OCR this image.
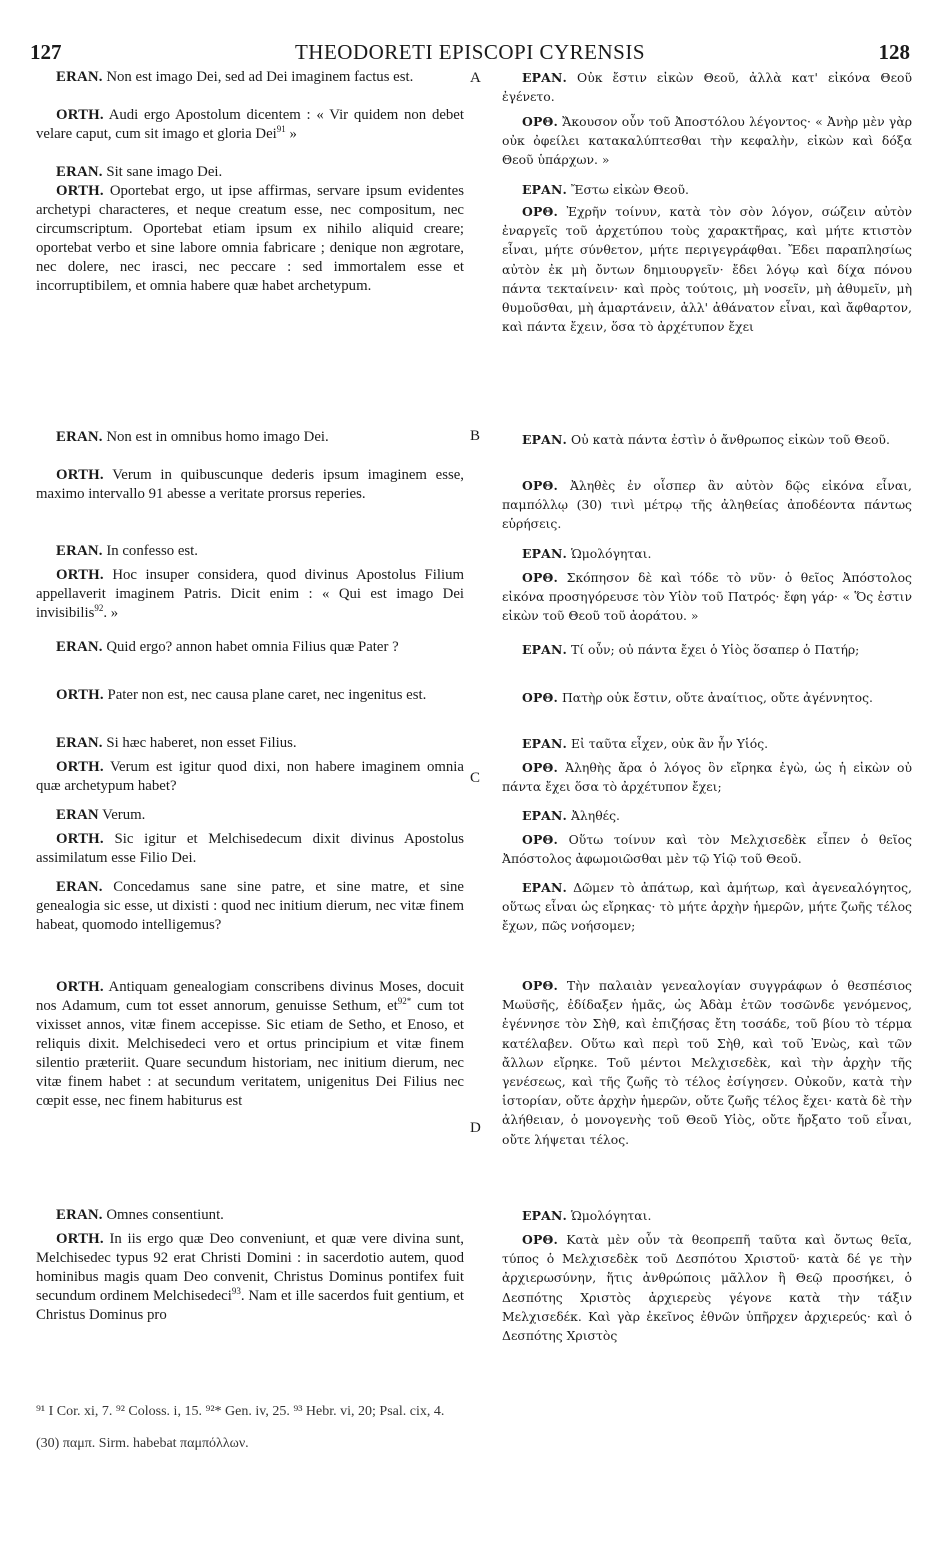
127	THEODORETI EPISCOPI CYRENSIS	128
A
B
C
D

ERAN. Non est imago Dei, sed ad Dei imaginem factus est.

ORTH. Audi ergo Apostolum dicentem : « Vir quidem non debet velare caput, cum sit imago et gloria Dei$^{91}$ »

ERAN. Sit sane imago Dei.

ORTH. Oportebat ergo, ut ipse affirmas, servare ipsum evidentes archetypi characteres, et neque creatum esse, nec compositum, nec circumscriptum. Oportebat etiam ipsum ex nihilo aliquid creare; oportebat verbo et sine labore omnia fabricare ; denique non ægrotare, nec dolere, nec irasci, nec peccare : sed immortalem esse et incorruptibilem, et omnia habere quæ habet archetypum.

ERAN. Non est in omnibus homo imago Dei.

ORTH. Verum in quibuscunque dederis ipsum imaginem esse, maximo intervallo 91 abesse a veritate prorsus reperies.

ERAN. In confesso est.

ORTH. Hoc insuper considera, quod divinus Apostolus Filium appellaverit imaginem Patris. Dicit enim : « Qui est imago Dei invisibilis$^{92}$. »

ERAN. Quid ergo? annon habet omnia Filius quæ Pater ?

ORTH. Pater non est, nec causa plane caret, nec ingenitus est.

ERAN. Si hæc haberet, non esset Filius.

ORTH. Verum est igitur quod dixi, non habere imaginem omnia quæ archetypum habet?

ERAN Verum.

ORTH. Sic igitur et Melchisedecum dixit divinus Apostolus assimilatum esse Filio Dei.

ERAN. Concedamus sane sine patre, et sine matre, et sine genealogia sic esse, ut dixisti : quod nec initium dierum, nec vitæ finem habeat, quomodo intelligemus?

ORTH. Antiquam genealogiam conscribens divinus Moses, docuit nos Adamum, cum tot esset annorum, genuisse Sethum, et$^{92*}$ cum tot vixisset annos, vitæ finem accepisse. Sic etiam de Setho, et Enoso, et reliquis dixit. Melchisedeci vero et ortus principium et vitæ finem silentio præteriit. Quare secundum historiam, nec initium dierum, nec vitæ finem habet : at secundum veritatem, unigenitus Dei Filius nec cœpit esse, nec finem habiturus est

ERAN. Omnes consentiunt.

ORTH. In iis ergo quæ Deo conveniunt, et quæ vere divina sunt, Melchisedec typus 92 erat Christi Domini : in sacerdotio autem, quod hominibus magis quam Deo convenit, Christus Dominus pontifex fuit secundum ordinem Melchisedeci$^{93}$. Nam et ille sacerdos fuit gentium, et Christus Dominus pro

ΕΡΑΝ. Οὐκ ἔστιν εἰκὼν Θεοῦ, ἀλλὰ κατ' εἰκόνα Θεοῦ ἐγένετο.

ΟΡΘ. Ἄκουσον οὖν τοῦ Ἀποστόλου λέγοντος· « Ἀνὴρ μὲν γὰρ οὐκ ὀφείλει κατακαλύπτεσθαι τὴν κεφαλὴν, εἰκὼν καὶ δόξα Θεοῦ ὑπάρχων. »

ΕΡΑΝ. Ἔστω εἰκὼν Θεοῦ.

ΟΡΘ. Ἐχρῆν τοίνυν, κατὰ τὸν σὸν λόγον, σώζειν αὐτὸν ἐναργεῖς τοῦ ἀρχετύπου τοὺς χαρακτῆρας, καὶ μήτε κτιστὸν εἶναι, μήτε σύνθετον, μήτε περιγεγράφθαι. Ἔδει παραπλησίως αὐτὸν ἐκ μὴ ὄντων δημιουργεῖν· ἔδει λόγῳ καὶ δίχα πόνου πάντα τεκταίνειν· καὶ πρὸς τούτοις, μὴ νοσεῖν, μὴ ἀθυμεῖν, μὴ θυμοῦσθαι, μὴ ἁμαρτάνειν, ἀλλ' ἀθάνατον εἶναι, καὶ ἄφθαρτον, καὶ πάντα ἔχειν, ὅσα τὸ ἀρχέτυπον ἔχει

ΕΡΑΝ. Οὐ κατὰ πάντα ἐστὶν ὁ ἄνθρωπος εἰκὼν τοῦ Θεοῦ.

ΟΡΘ. Ἀληθὲς ἐν οἷσπερ ἂν αὐτὸν δῷς εἰκόνα εἶναι, παμπόλλῳ (30) τινὶ μέτρῳ τῆς ἀληθείας ἀποδέοντα πάντως εὑρήσεις.

ΕΡΑΝ. Ὡμολόγηται.

ΟΡΘ. Σκόπησον δὲ καὶ τόδε τὸ νῦν· ὁ θεῖος Ἀπόστολος εἰκόνα προσηγόρευσε τὸν Υἱὸν τοῦ Πατρός· ἔφη γάρ· « Ὅς ἐστιν εἰκὼν τοῦ Θεοῦ τοῦ ἀοράτου. »

ΕΡΑΝ. Τί οὖν; οὐ πάντα ἔχει ὁ Υἱὸς ὅσαπερ ὁ Πατήρ;

ΟΡΘ. Πατὴρ οὐκ ἔστιν, οὔτε ἀναίτιος, οὔτε ἀγέννητος.

ΕΡΑΝ. Εἰ ταῦτα εἶχεν, οὐκ ἂν ἦν Υἱός.

ΟΡΘ. Ἀληθὴς ἄρα ὁ λόγος ὃν εἴρηκα ἐγὼ, ὡς ἡ εἰκὼν οὐ πάντα ἔχει ὅσα τὸ ἀρχέτυπον ἔχει;

ΕΡΑΝ. Ἀληθές.

ΟΡΘ. Οὕτω τοίνυν καὶ τὸν Μελχισεδὲκ εἶπεν ὁ θεῖος Ἀπόστολος ἀφωμοιῶσθαι μὲν τῷ Υἱῷ τοῦ Θεοῦ.

ΕΡΑΝ. Δῶμεν τὸ ἀπάτωρ, καὶ ἀμήτωρ, καὶ ἀγενεαλόγητος, οὕτως εἶναι ὡς εἴρηκας· τὸ μήτε ἀρχὴν ἡμερῶν, μήτε ζωῆς τέλος ἔχων, πῶς νοήσομεν;

ΟΡΘ. Τὴν παλαιὰν γενεαλογίαν συγγράφων ὁ θεσπέσιος Μωϋσῆς, ἐδίδαξεν ἡμᾶς, ὡς Ἀδὰμ ἐτῶν τοσῶνδε γενόμενος, ἐγέννησε τὸν Σὴθ, καὶ ἐπιζήσας ἔτη τοσάδε, τοῦ βίου τὸ τέρμα κατέλαβεν. Οὕτω καὶ περὶ τοῦ Σὴθ, καὶ τοῦ Ἐνὼς, καὶ τῶν ἄλλων εἴρηκε. Τοῦ μέντοι Μελχισεδὲκ, καὶ τὴν ἀρχὴν τῆς γενέσεως, καὶ τῆς ζωῆς τὸ τέλος ἐσίγησεν. Οὐκοῦν, κατὰ τὴν ἱστορίαν, οὔτε ἀρχὴν ἡμερῶν, οὔτε ζωῆς τέλος ἔχει· κατὰ δὲ τὴν ἀλήθειαν, ὁ μονογενὴς τοῦ Θεοῦ Υἱὸς, οὔτε ἤρξατο τοῦ εἶναι, οὔτε λήψεται τέλος.

ΕΡΑΝ. Ὡμολόγηται.

ΟΡΘ. Κατὰ μὲν οὖν τὰ θεοπρεπῆ ταῦτα καὶ ὄντως θεῖα, τύπος ὁ Μελχισεδὲκ τοῦ Δεσπότου Χριστοῦ· κατὰ δέ γε τὴν ἀρχιερωσύνην, ἥτις ἀνθρώποις μᾶλλον ἢ Θεῷ προσήκει, ὁ Δεσπότης Χριστὸς ἀρχιερεὺς γέγονε κατὰ τὴν τάξιν Μελχισεδέκ. Καὶ γὰρ ἐκεῖνος ἐθνῶν ὑπῆρχεν ἀρχιερεύς· καὶ ὁ Δεσπότης Χριστὸς

⁹¹ I Cor. xi, 7. ⁹² Coloss. i, 15. ⁹²* Gen. iv, 25. ⁹³ Hebr. vi, 20; Psal. cix, 4.
(30) παμπ. Sirm. habebat παμπόλλων.
